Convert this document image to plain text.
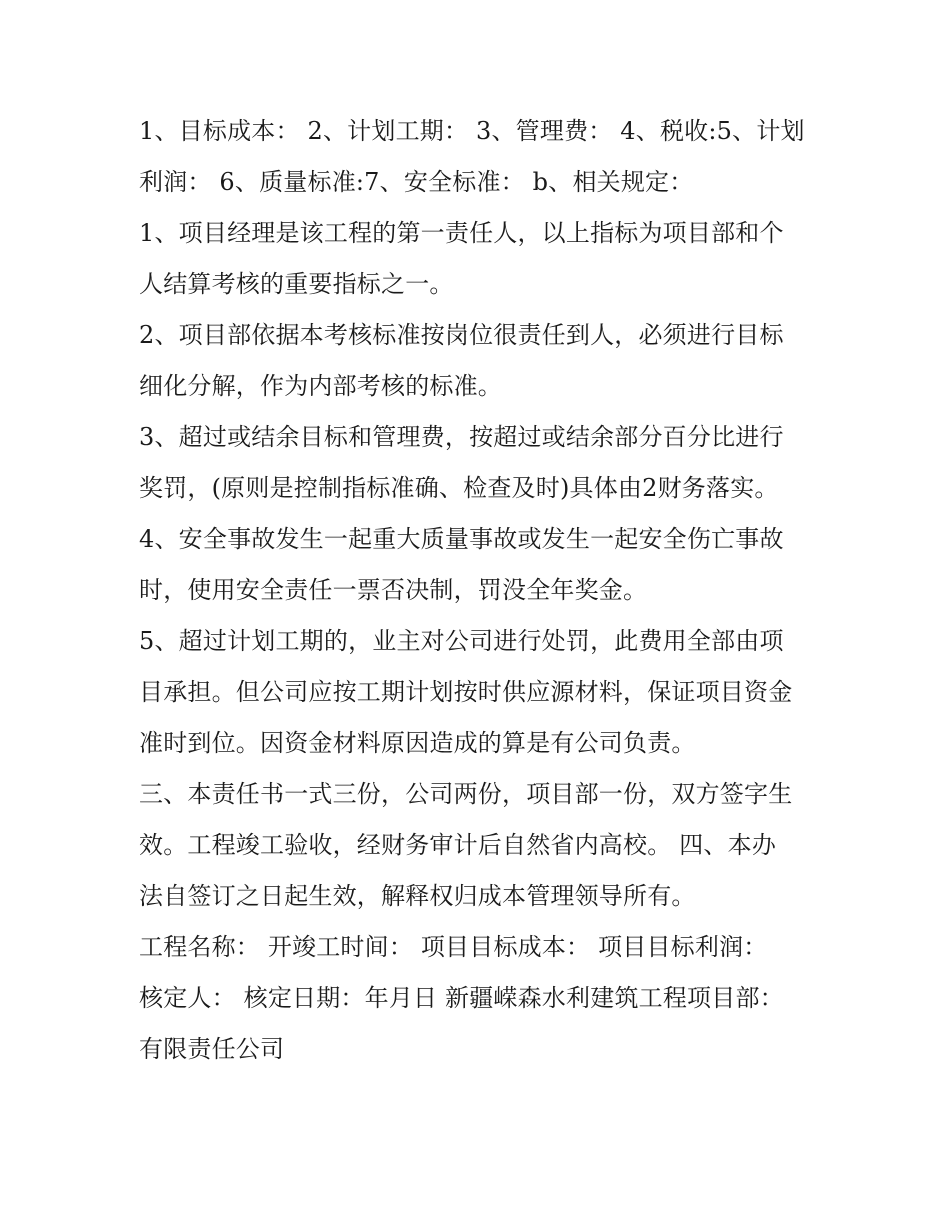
1、目标成本： 2、计划工期： 3、管理费： 4、税收:5、计划
利润： 6、质量标准:7、安全标准： b、相关规定：
1、项目经理是该工程的第一责任人，以上指标为项目部和个
人结算考核的重要指标之一。
2、项目部依据本考核标准按岗位很责任到人，必须进行目标
细化分解，作为内部考核的标准。
3、超过或结余目标和管理费，按超过或结余部分百分比进行
奖罚，(原则是控制指标准确、检查及时)具体由2财务落实。
4、安全事故发生一起重大质量事故或发生一起安全伤亡事故
时，使用安全责任一票否决制，罚没全年奖金。
5、超过计划工期的，业主对公司进行处罚，此费用全部由项
目承担。但公司应按工期计划按时供应源材料，保证项目资金
准时到位。因资金材料原因造成的算是有公司负责。
三、本责任书一式三份，公司两份，项目部一份，双方签字生
效。工程竣工验收，经财务审计后自然省内高校。 四、本办
法自签订之日起生效，解释权归成本管理领导所有。
工程名称： 开竣工时间： 项目目标成本： 项目目标利润：
核定人： 核定日期：年月日 新疆嵘森水利建筑工程项目部：
有限责任公司
